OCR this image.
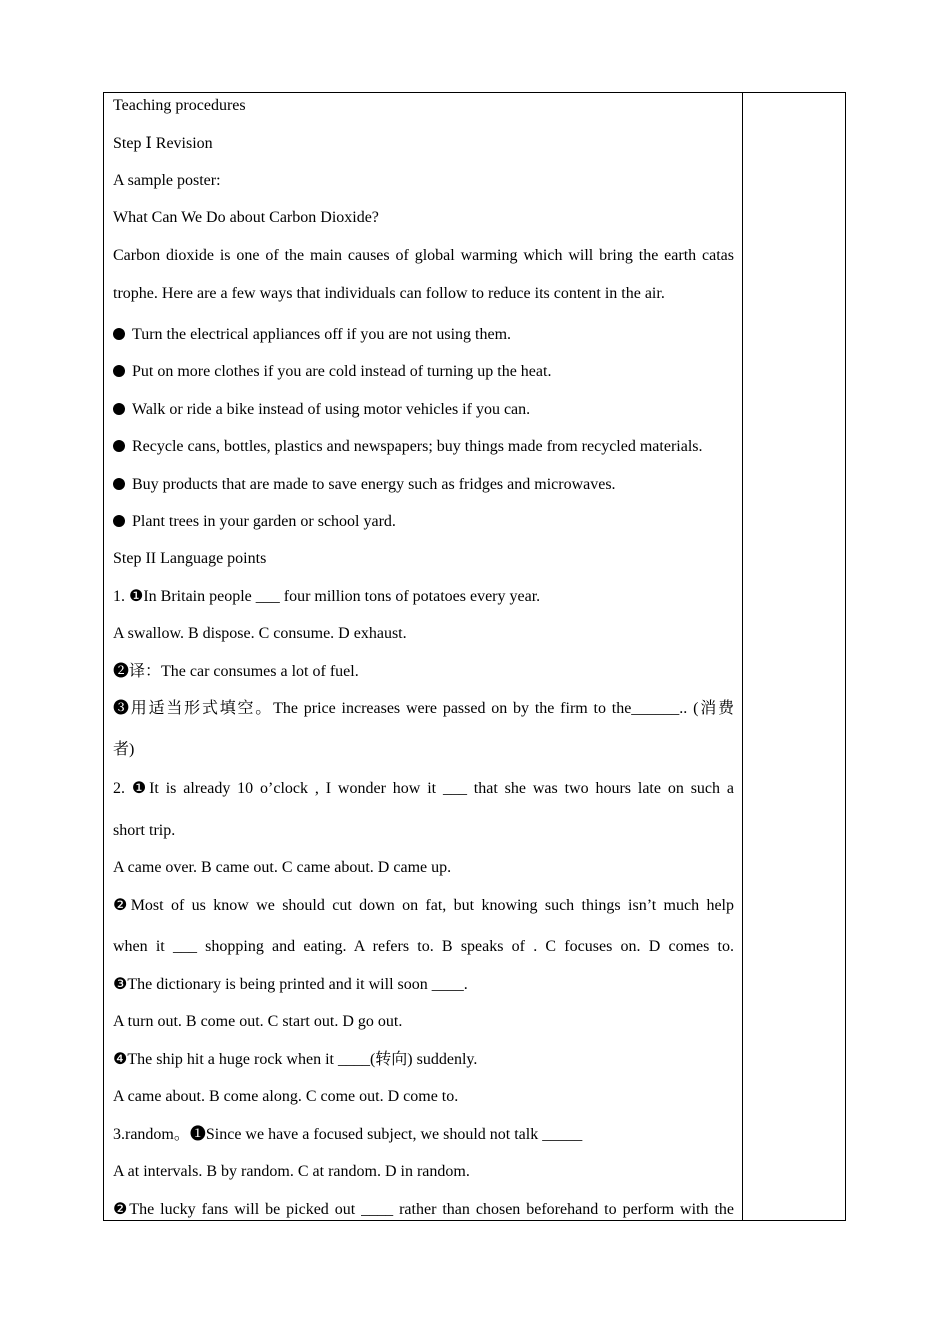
Teaching procedures
Step Ⅰ Revision
A sample poster:
What Can We Do about Carbon Dioxide?
Carbon dioxide is one of the main causes of global warming which will bring the earth catas
trophe. Here are a few ways that individuals can follow to reduce its content in the air.
Turn the electrical appliances off if you are not using them.
Put on more clothes if you are cold instead of turning up the heat.
Walk or ride a bike instead of using motor vehicles if you can.
Recycle cans, bottles, plastics and newspapers; buy things made from recycled materials.
Buy products that are made to save energy such as fridges and microwaves.
Plant trees in your garden or school yard.
Step II Language points
1. ❶In Britain people ___ four million tons of potatoes every year.
A swallow. B dispose. C consume. D exhaust.
❷译：The car consumes a lot of fuel.
❸用适当形式填空。The price increases were passed on by the firm to the______.. (消费
者)
2. ❶It is already 10 o’clock , I wonder how it ___ that she was two hours late on such a
short trip.
A came over. B came out. C came about. D came up.
❷Most of us know we should cut down on fat, but knowing such things isn’t much help
when it ___ shopping and eating. A refers to. B speaks of . C focuses on. D comes to.
❸The dictionary is being printed and it will soon ____.
A turn out. B come out. C start out. D go out.
❹The ship hit a huge rock when it ____(转向) suddenly.
A came about. B come along. C come out. D come to.
3.random。❶Since we have a focused subject, we should not talk _____
A at intervals. B by random. C at random. D in random.
❷The lucky fans will be picked out ____ rather than chosen beforehand to perform with the
